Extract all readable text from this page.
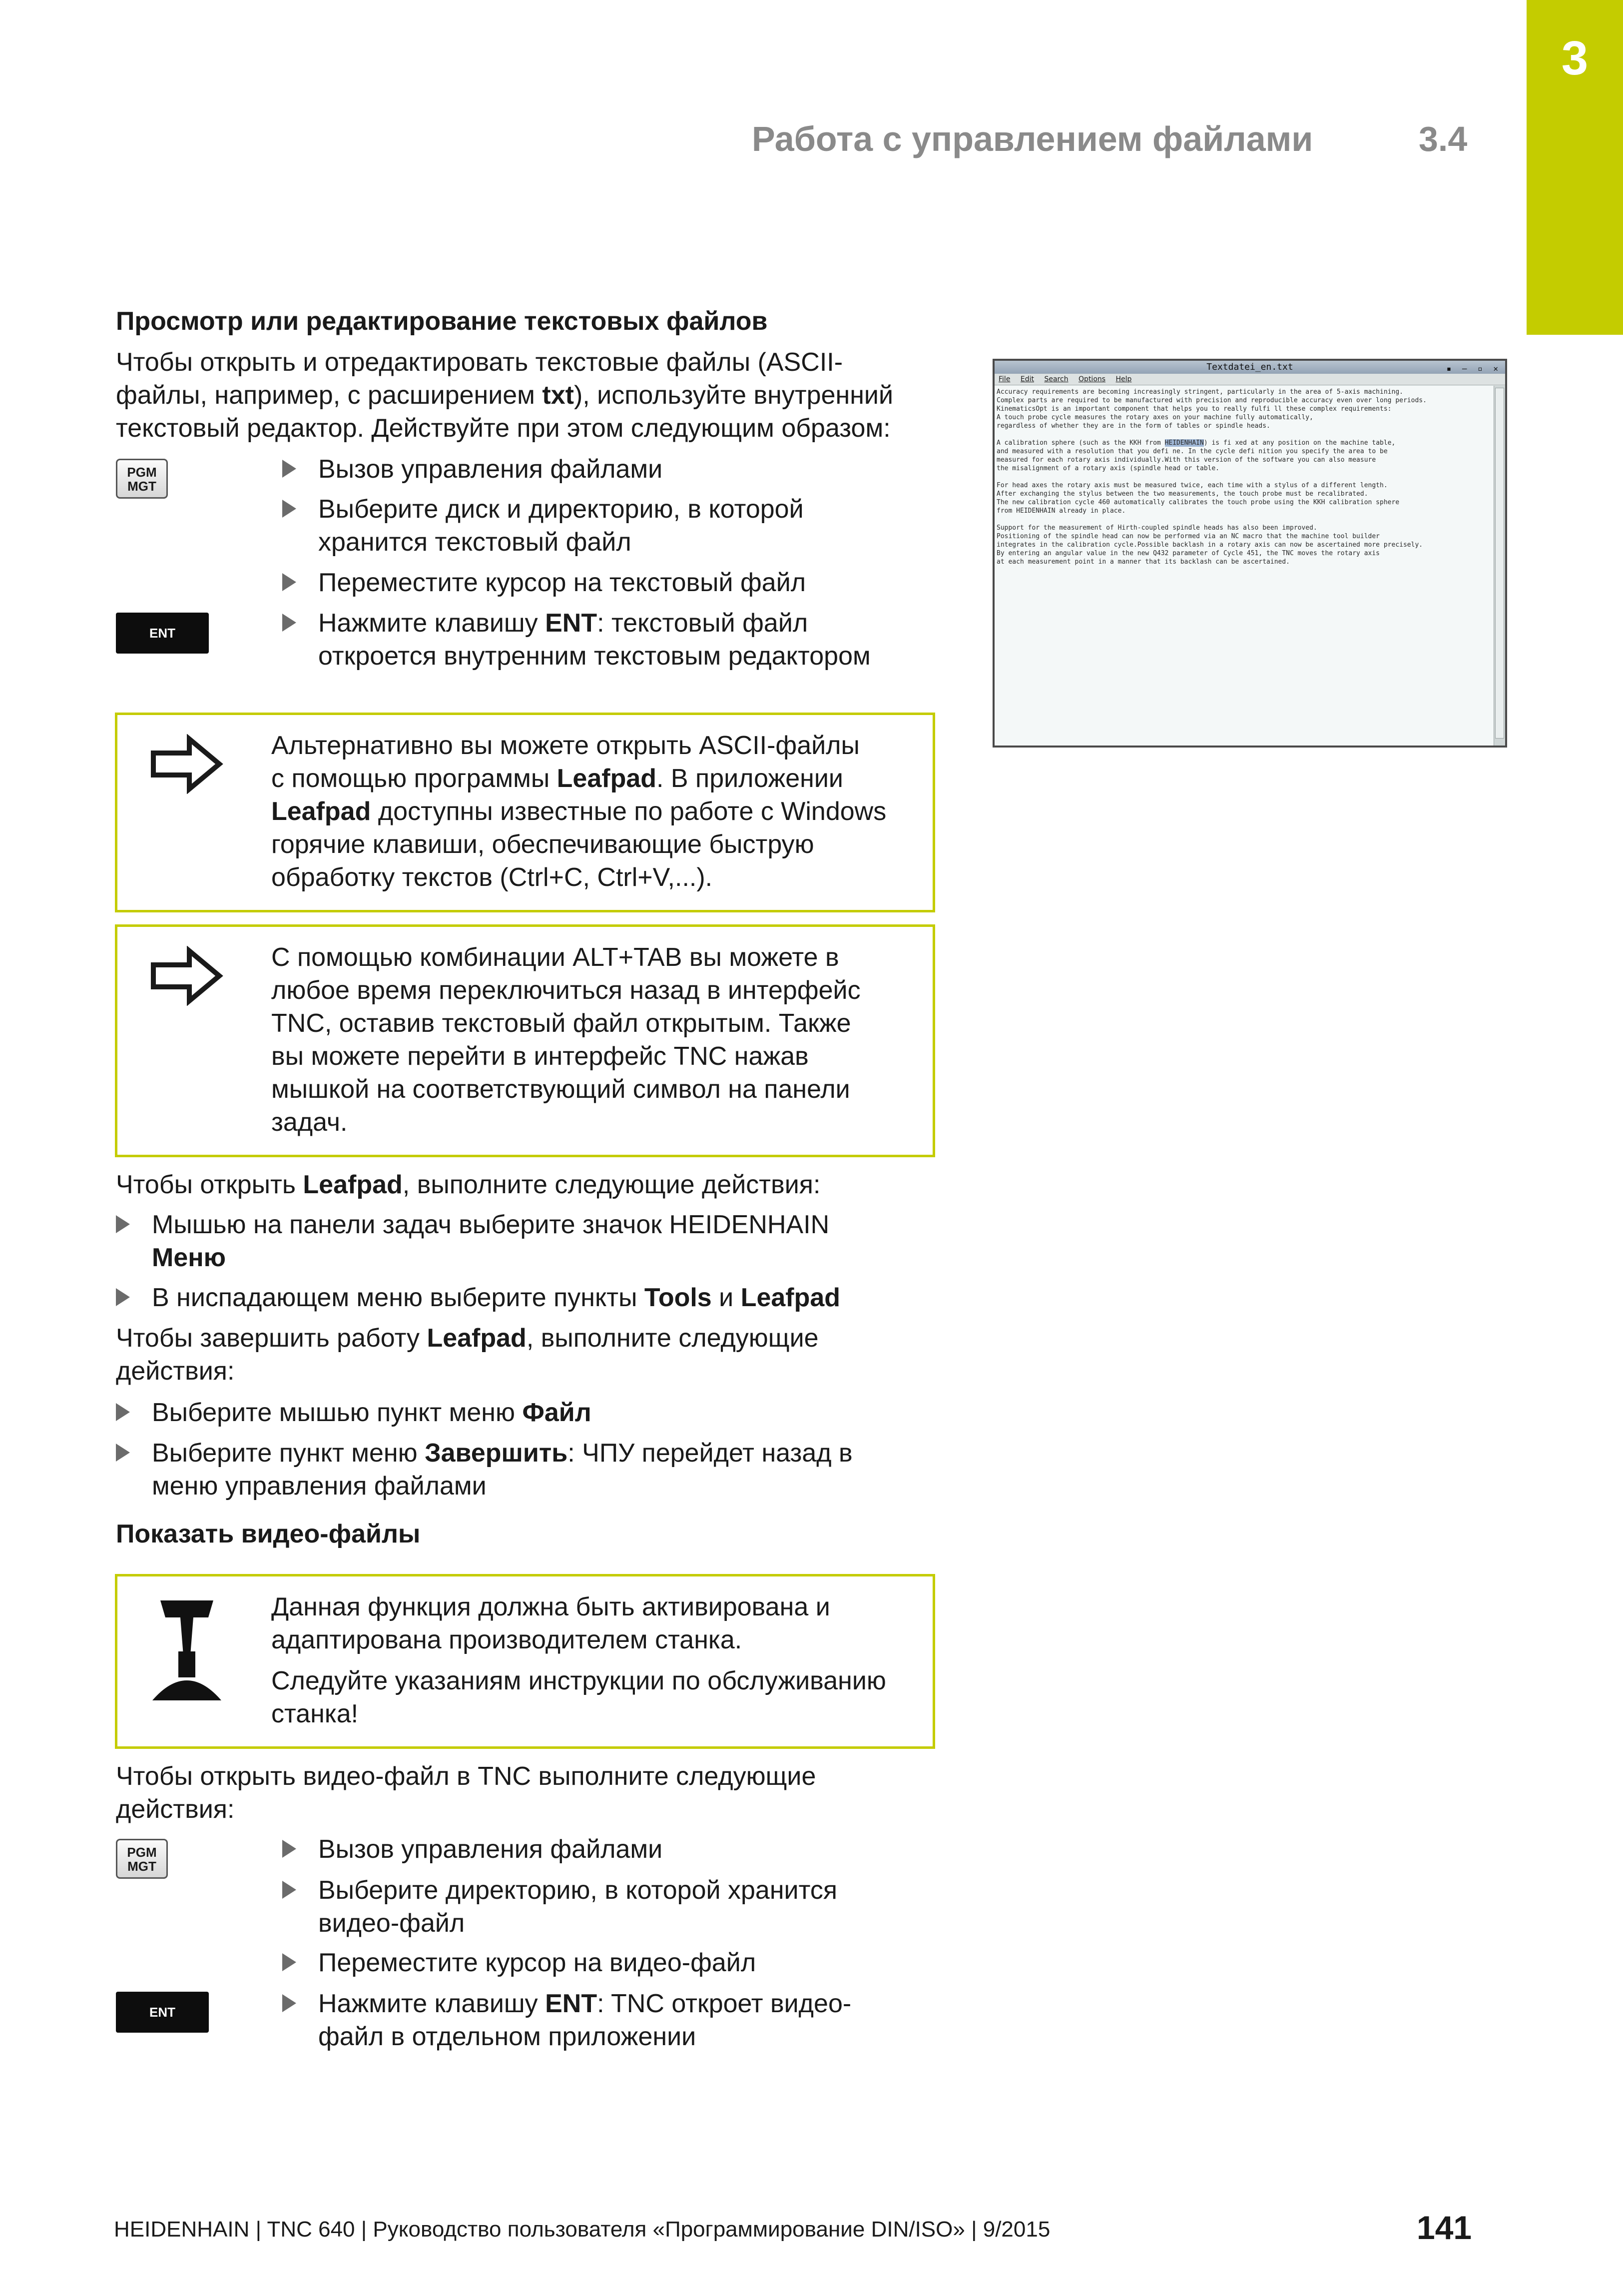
3
Работа с управлением файлами	3.4
Просмотр или редактирование текстовых файлов
Чтобы открыть и отредактировать текстовые файлы (ASCII-
файлы, например, с расширением txt), используйте внутренний
текстовый редактор. Действуйте при этом следующим образом:
PGM
MGT
ENT
Вызов управления файлами
Выберите диск и директорию, в которой
хранится текстовый файл
Переместите курсор на текстовый файл
Нажмите клавишу ENT: текстовый файл
откроется внутренним текстовым редактором
Альтернативно вы можете открыть ASCII-файлы
с помощью программы Leafpad. В приложении
Leafpad доступны известные по работе с Windows
горячие клавиши, обеспечивающие быструю
обработку текстов (Ctrl+C, Ctrl+V,...).
С помощью комбинации ALT+TAB вы можете в
любое время переключиться назад в интерфейс
TNC, оставив текстовый файл открытым. Также
вы можете перейти в интерфейс TNC нажав
мышкой на соответствующий символ на панели
задач.
Чтобы открыть Leafpad, выполните следующие действия:
Мышью на панели задач выберите значок HEIDENHAIN
Меню
В ниспадающем меню выберите пункты Tools и Leafpad
Чтобы завершить работу Leafpad, выполните следующие
действия:
Выберите мышью пункт меню Файл
Выберите пункт меню Завершить: ЧПУ перейдет назад в
меню управления файлами
Показать видео-файлы
Данная функция должна быть активирована и
адаптирована производителем станка.
Следуйте указаниям инструкции по обслуживанию
станка!
Чтобы открыть видео-файл в TNC выполните следующие
действия:
PGM
MGT
ENT
Вызов управления файлами
Выберите директорию, в которой хранится
видео-файл
Переместите курсор на видео-файл
Нажмите клавишу ENT: TNC откроет видео-
файл в отдельном приложении
Textdatei_en.txt	▪ – ▫ ✕
File Edit Search Options Help
Accuracy requirements are becoming increasingly stringent, particularly in the area of 5-axis machining.
Complex parts are required to be manufactured with precision and reproducible accuracy even over long periods.
KinematicsOpt is an important component that helps you to really fulfi ll these complex requirements:
A touch probe cycle measures the rotary axes on your machine fully automatically,
regardless of whether they are in the form of tables or spindle heads.

A calibration sphere (such as the KKH from HEIDENHAIN) is fi xed at any position on the machine table,
and measured with a resolution that you defi ne. In the cycle defi nition you specify the area to be
measured for each rotary axis individually.With this version of the software you can also measure
the misalignment of a rotary axis (spindle head or table.

For head axes the rotary axis must be measured twice, each time with a stylus of a different length.
After exchanging the stylus between the two measurements, the touch probe must be recalibrated.
The new calibration cycle 460 automatically calibrates the touch probe using the KKH calibration sphere
from HEIDENHAIN already in place.

Support for the measurement of Hirth-coupled spindle heads has also been improved.
Positioning of the spindle head can now be performed via an NC macro that the machine tool builder
integrates in the calibration cycle.Possible backlash in a rotary axis can now be ascertained more precisely.
By entering an angular value in the new Q432 parameter of Cycle 451, the TNC moves the rotary axis
at each measurement point in a manner that its backlash can be ascertained.
HEIDENHAIN | TNC 640 | Руководство пользователя «Программирование DIN/ISO» | 9/2015	141
